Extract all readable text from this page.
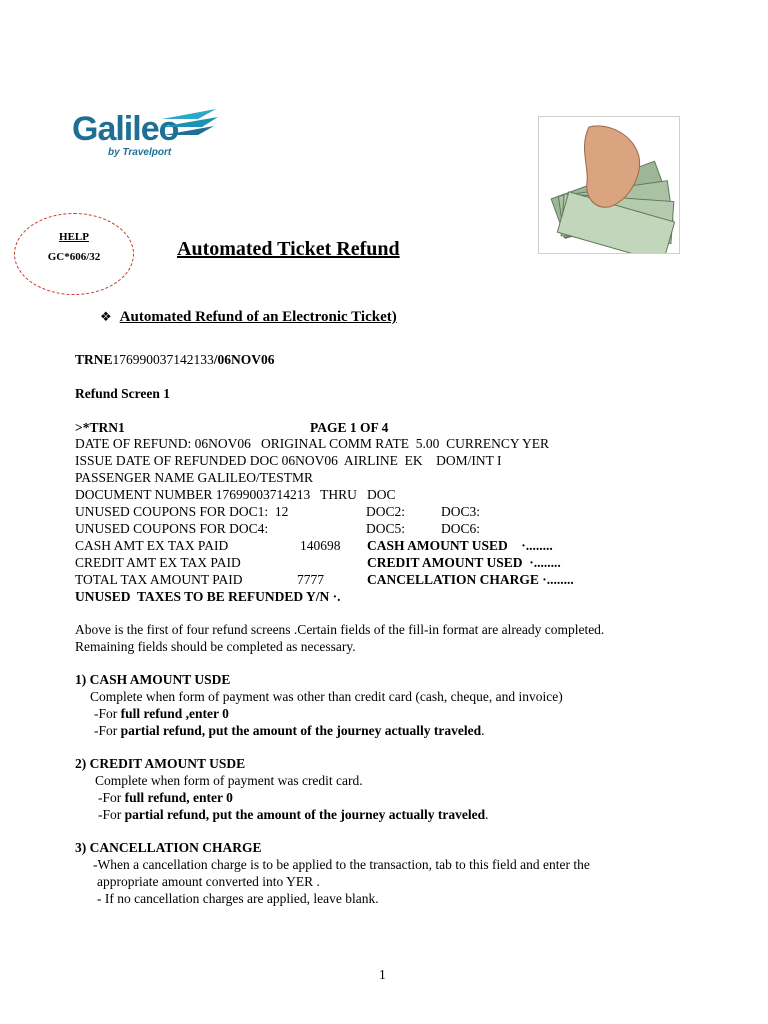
Galileo
by Travelport
HELP
GC*606/32	Automated Ticket Refund
❖ Automated Refund of an Electronic Ticket)
TRNE176990037142133/06NOV06
Refund Screen 1
>*TRN1	PAGE 1 OF 4
DATE OF REFUND: 06NOV06   ORIGINAL COMM RATE  5.00  CURRENCY YER
ISSUE DATE OF REFUNDED DOC 06NOV06  AIRLINE  EK    DOM/INT I
PASSENGER NAME GALILEO/TESTMR
DOCUMENT NUMBER 17699003714213   THRU   DOC
UNUSED COUPONS FOR DOC1:  12	DOC2:	DOC3:
UNUSED COUPONS FOR DOC4:	DOC5:	DOC6:
CASH AMT EX TAX PAID	140698 CASH AMOUNT USED    ·........
CREDIT AMT EX TAX PAID	CREDIT AMOUNT USED  ·........
TOTAL TAX AMOUNT PAID	7777	CANCELLATION CHARGE ·........
UNUSED  TAXES TO BE REFUNDED Y/N ·.
Above is the first of four refund screens .Certain fields of the fill-in format are already completed.
Remaining fields should be completed as necessary.
1) CASH AMOUNT USDE
Complete when form of payment was other than credit card (cash, cheque, and invoice)
-For full refund ,enter 0
-For partial refund, put the amount of the journey actually traveled.
2) CREDIT AMOUNT USDE
Complete when form of payment was credit card.
-For full refund, enter 0
-For partial refund, put the amount of the journey actually traveled.
3) CANCELLATION CHARGE
-When a cancellation charge is to be applied to the transaction, tab to this field and enter the
appropriate amount converted into YER .
- If no cancellation charges are applied, leave blank.
1
